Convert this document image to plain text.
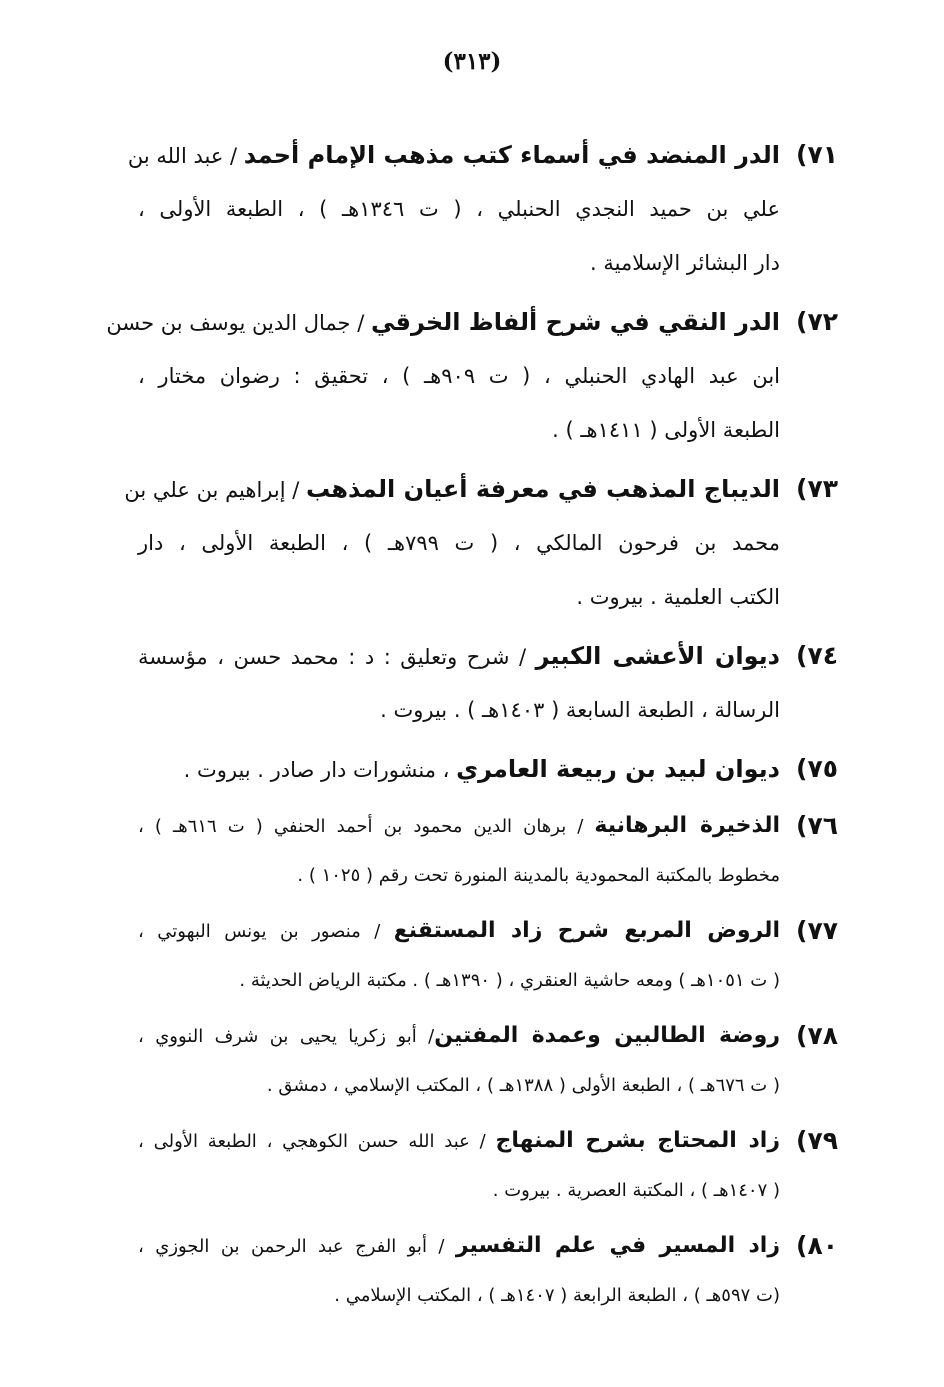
(٣١٣)
٧١)
الدر المنضد في أسماء كتب مذهب الإمام أحمد / عبد الله بن
علي بن حميد النجدي الحنبلي ، ( ت ١٣٤٦هـ ) ، الطبعة الأولى ،
دار البشائر الإسلامية .
٧٢)
الدر النقي في شرح ألفاظ الخرقي / جمال الدين يوسف بن حسن
ابن عبد الهادي الحنبلي ، ( ت ٩٠٩هـ ) ، تحقيق : رضوان مختار ،
الطبعة الأولى ( ١٤١١هـ ) .
٧٣)
الديباج المذهب في معرفة أعيان المذهب / إبراهيم بن علي بن
محمد بن فرحون المالكي ، ( ت ٧٩٩هـ ) ، الطبعة الأولى ، دار
الكتب العلمية . بيروت .
٧٤)
ديوان الأعشى الكبير / شرح وتعليق : د : محمد حسن ، مؤسسة
الرسالة ، الطبعة السابعة ( ١٤٠٣هـ ) . بيروت .
٧٥)
ديوان لبيد بن ربيعة العامري ، منشورات دار صادر . بيروت .
٧٦)
الذخيرة البرهانية / برهان الدين محمود بن أحمد الحنفي ( ت ٦١٦هـ ) ،
مخطوط بالمكتبة المحمودية بالمدينة المنورة تحت رقم ( ١٠٢٥ ) .
٧٧)
الروض المربع شرح زاد المستقنع / منصور بن يونس البهوتي ،
( ت ١٠٥١هـ ) ومعه حاشية العنقري ، ( ١٣٩٠هـ ) . مكتبة الرياض الحديثة .
٧٨)
روضة الطالبين وعمدة المفتين/ أبو زكريا يحيى بن شرف النووي ،
( ت ٦٧٦هـ ) ، الطبعة الأولى ( ١٣٨٨هـ ) ، المكتب الإسلامي ، دمشق .
٧٩)
زاد المحتاج بشرح المنهاج / عبد الله حسن الكوهجي ، الطبعة الأولى ،
( ١٤٠٧هـ ) ، المكتبة العصرية . بيروت .
٨٠)
زاد المسير في علم التفسير / أبو الفرج عبد الرحمن بن الجوزي ،
(ت ٥٩٧هـ ) ، الطبعة الرابعة ( ١٤٠٧هـ ) ، المكتب الإسلامي .
